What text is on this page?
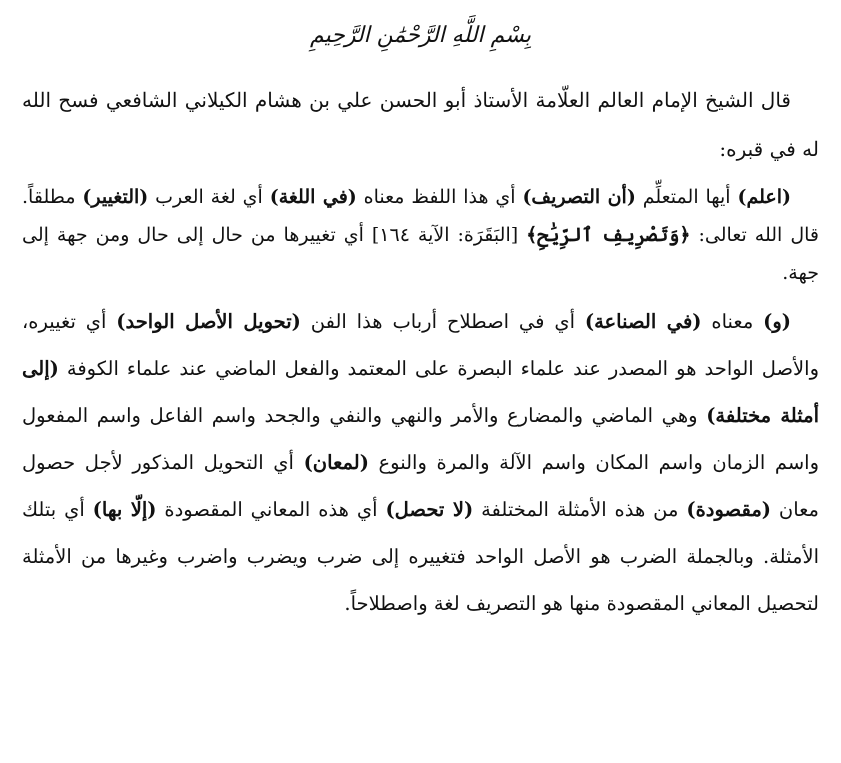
بِسْمِ اللَّهِ الرَّحْمَٰنِ الرَّحِيمِ

قال الشيخ الإمام العالم العلّامة الأستاذ أبو الحسن علي بن هشام الكيلاني الشافعي فسح الله له في قبره:

(اعلم) أيها المتعلِّم (أن التصريف) أي هذا اللفظ معناه (في اللغة) أي لغة العرب (التغيير) مطلقاً. قال الله تعالى: ﴿وَتَصْرِيفِ ٱلرِّيَٰحِ﴾ [البَقَرَة: الآية ١٦٤] أي تغييرها من حال إلى حال ومن جهة إلى جهة.

(و) معناه (في الصناعة) أي في اصطلاح أرباب هذا الفن (تحويل الأصل الواحد) أي تغييره، والأصل الواحد هو المصدر عند علماء البصرة على المعتمد والفعل الماضي عند علماء الكوفة (إلى أمثلة مختلفة) وهي الماضي والمضارع والأمر والنهي والنفي والجحد واسم الفاعل واسم المفعول واسم الزمان واسم المكان واسم الآلة والمرة والنوع (لمعان) أي التحويل المذكور لأجل حصول معان (مقصودة) من هذه الأمثلة المختلفة (لا تحصل) أي هذه المعاني المقصودة (إلّا بها) أي بتلك الأمثلة. وبالجملة الضرب هو الأصل الواحد فتغييره إلى ضرب ويضرب واضرب وغيرها من الأمثلة لتحصيل المعاني المقصودة منها هو التصريف لغة واصطلاحاً.
